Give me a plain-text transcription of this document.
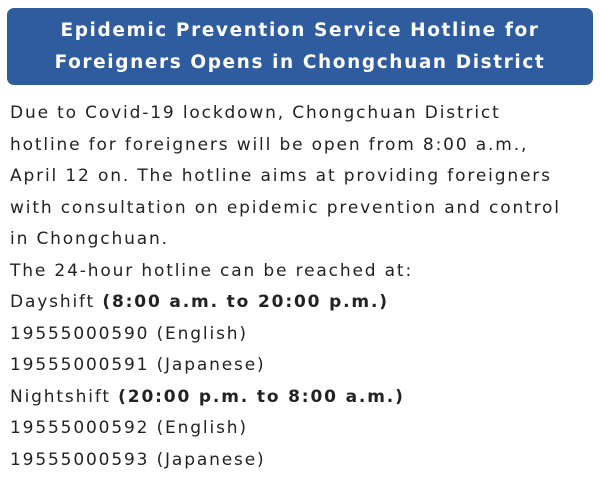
Epidemic Prevention Service Hotline for
Foreigners Opens in Chongchuan District
Due to Covid-19 lockdown, Chongchuan District
hotline for foreigners will be open from 8:00 a.m.,
April 12 on. The hotline aims at providing foreigners
with consultation on epidemic prevention and control
in Chongchuan.
The 24-hour hotline can be reached at:
Dayshift (8:00 a.m. to 20:00 p.m.)
19555000590 (English)
19555000591 (Japanese)
Nightshift (20:00 p.m. to 8:00 a.m.)
19555000592 (English)
19555000593 (Japanese)
